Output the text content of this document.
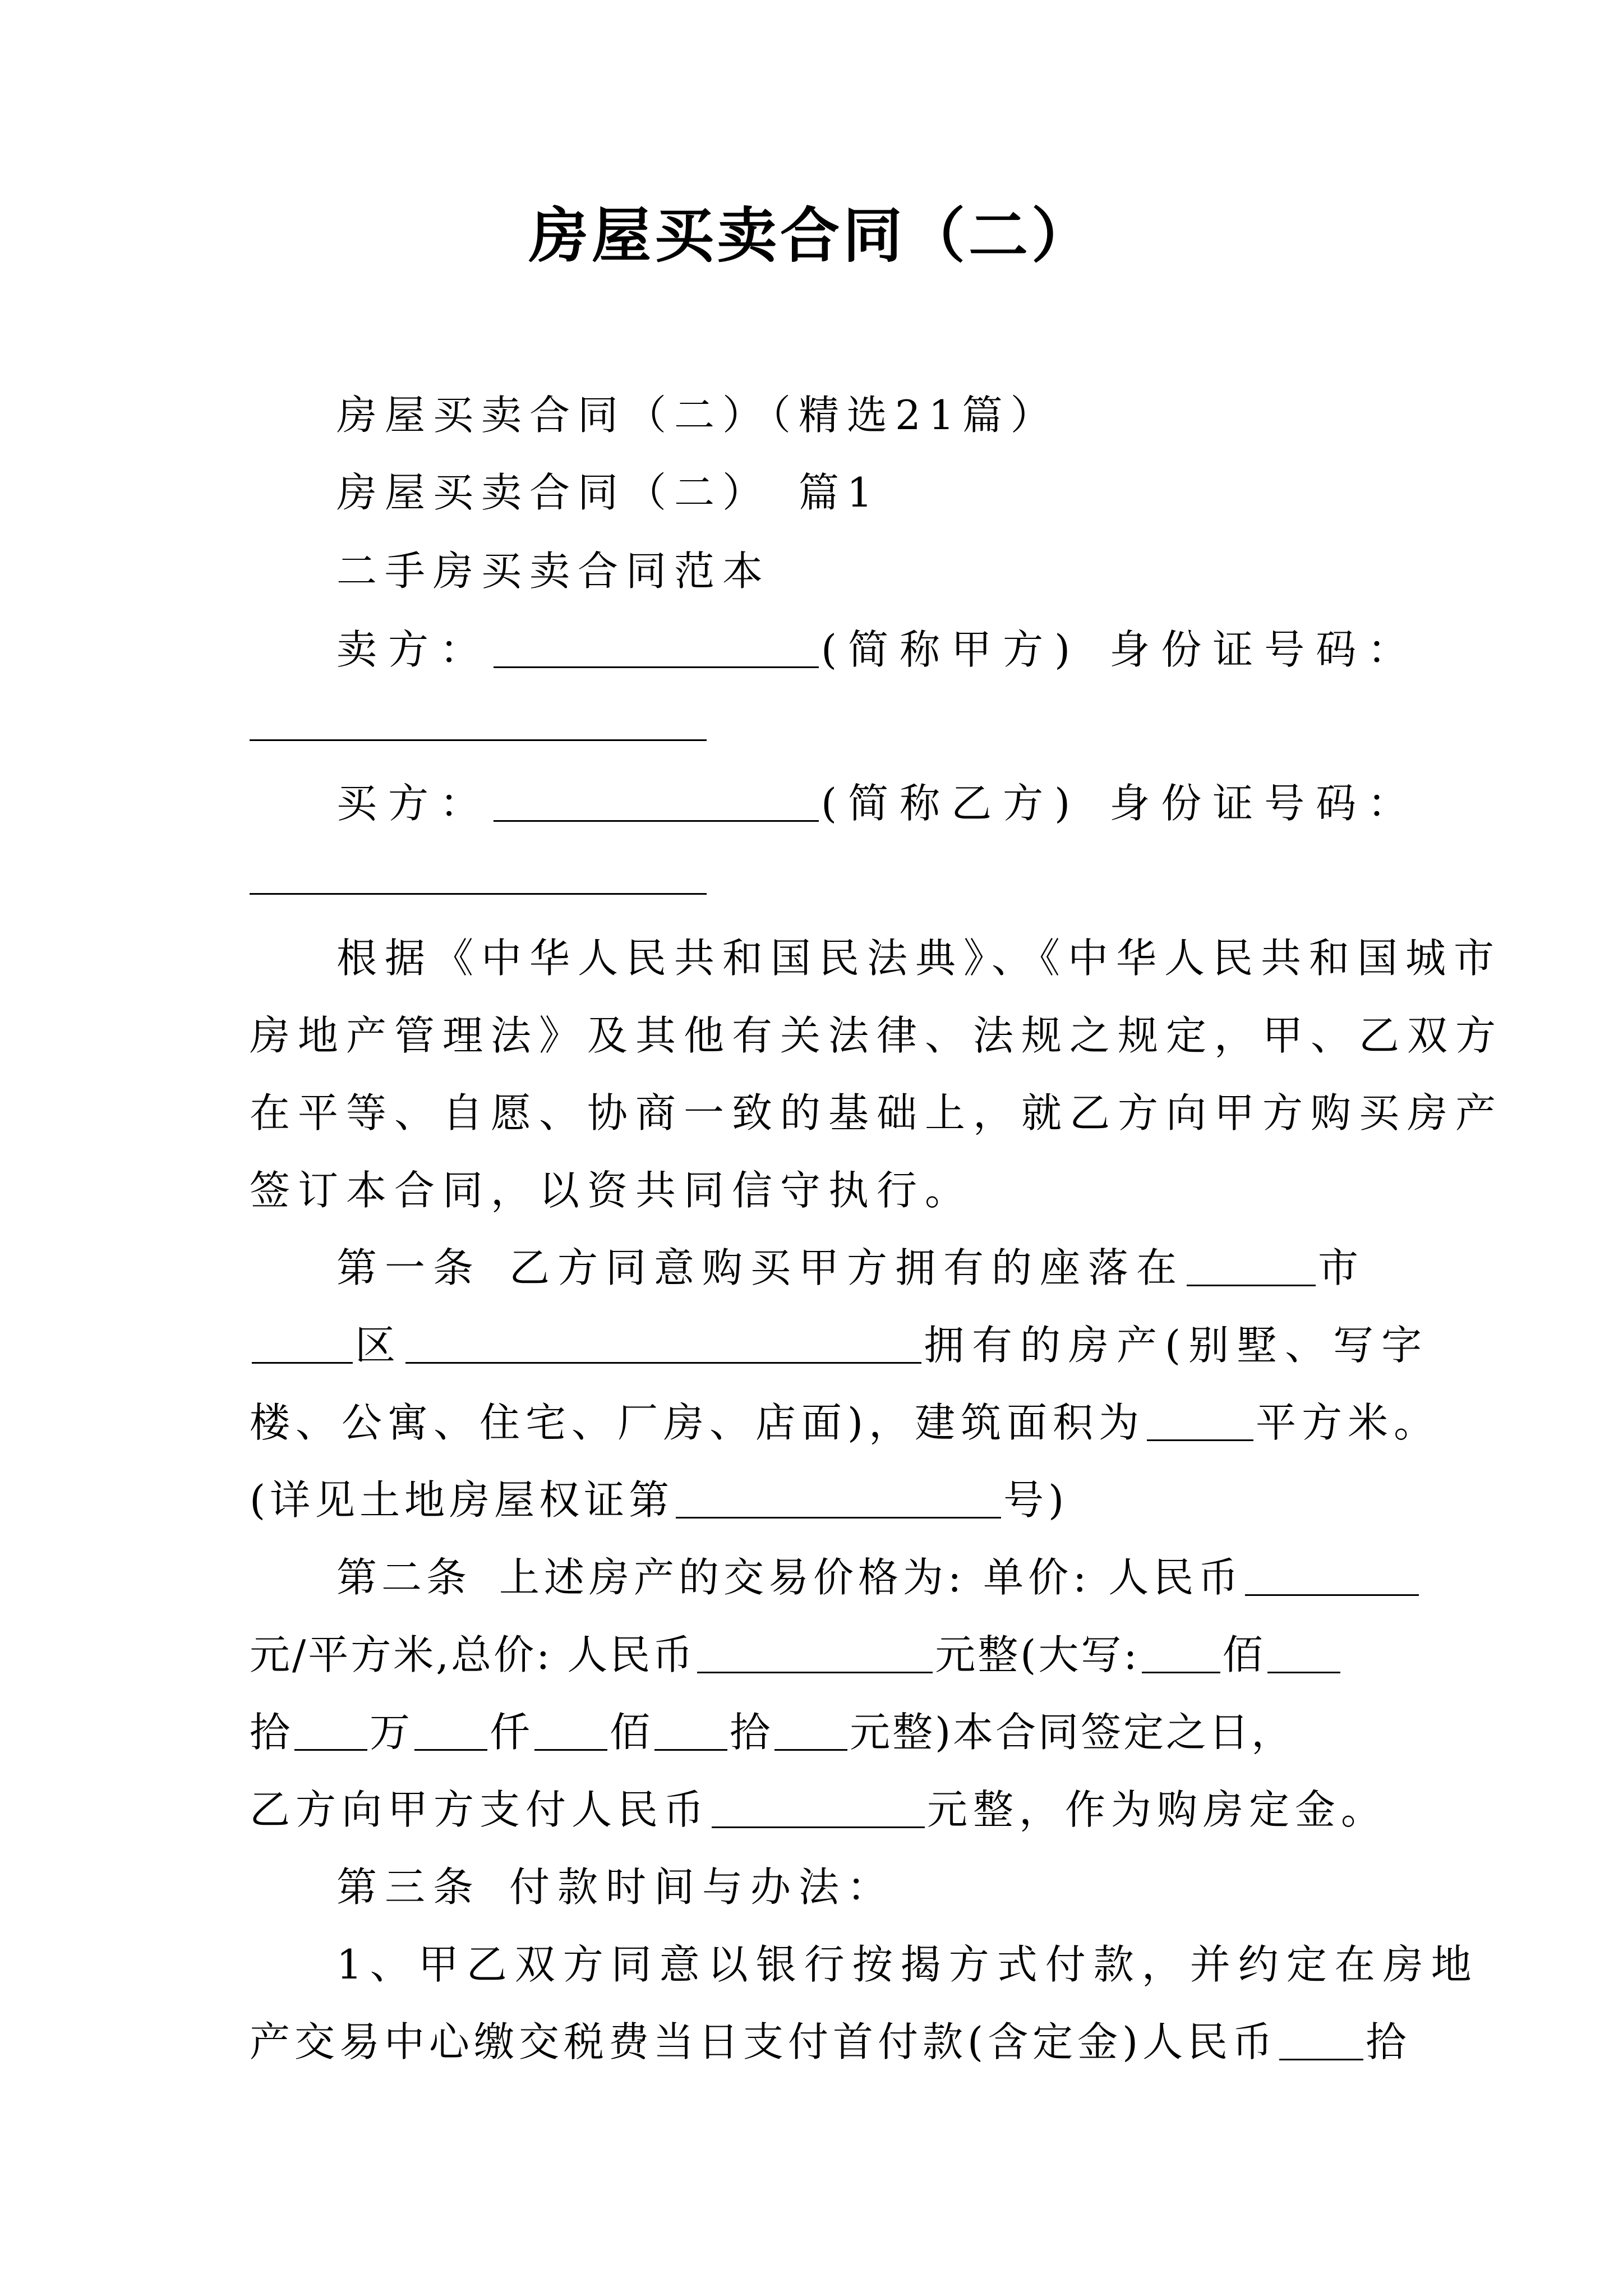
房屋买卖合同（二）
房屋买卖合同（二）（精选21篇）
房屋买卖合同（二） 篇1
二手房买卖合同范本
卖方：	(简称甲方) 身份证号码：
买方：	(简称乙方) 身份证号码：
根据《中华人民共和国民法典》、《中华人民共和国城市
房地产管理法》及其他有关法律、法规之规定，甲、乙双方
在平等、自愿、协商一致的基础上，就乙方向甲方购买房产
签订本合同，以资共同信守执行。
第一条 乙方同意购买甲方拥有的座落在	市
区	拥有的房产(别墅、写字
楼、公寓、住宅、厂房、店面)，建筑面积为	平方米。
(详见土地房屋权证第	号)
第二条 上述房产的交易价格为: 单价: 人民币
元/平方米,总价: 人民币	元整(大写: 佰
拾 万 仟 佰 拾 元整)本合同签定之日，
乙方向甲方支付人民币	元整，作为购房定金。
第三条 付款时间与办法：
1、甲乙双方同意以银行按揭方式付款，并约定在房地
产交易中心缴交税费当日支付首付款(含定金)人民币 拾
